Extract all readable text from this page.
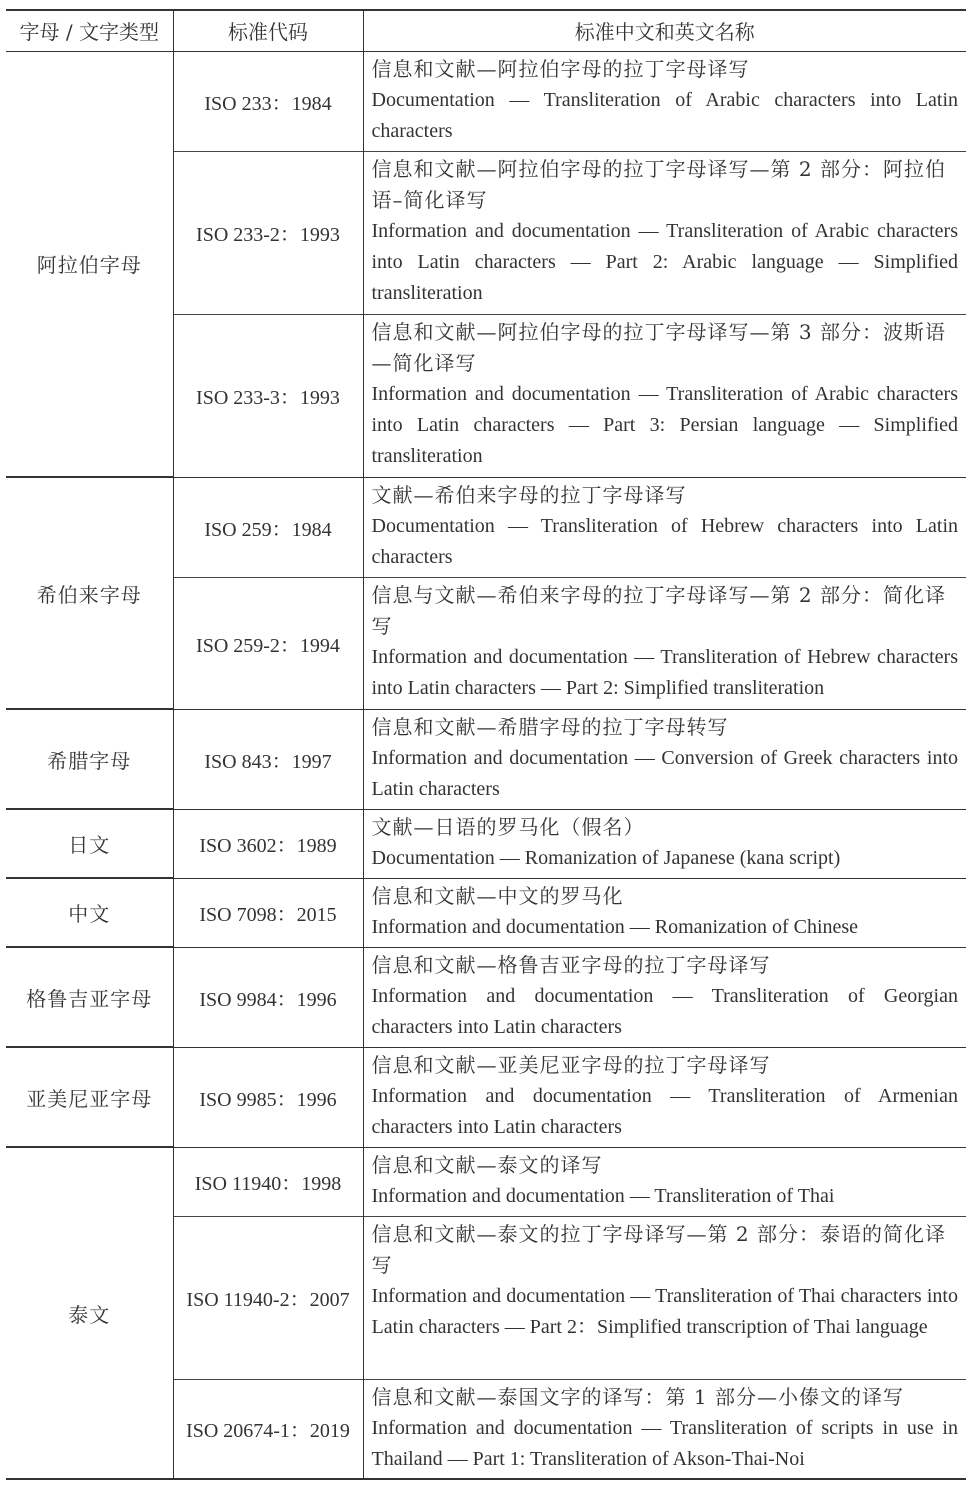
字母 / 文字类型	标准代码	标准中文和英文名称
阿拉伯字母	ISO 233：1984	信息和文献—阿拉伯字母的拉丁字母译写
Documentation — Transliteration of Arabic characters into Latin characters

	ISO 233-2：1993	信息和文献—阿拉伯字母的拉丁字母译写—第 2 部分：阿拉伯语–简化译写
Information and documentation — Transliteration of Arabic characters into Latin characters — Part 2: Arabic language — Simplified transliteration

	ISO 233-3：1993	信息和文献—阿拉伯字母的拉丁字母译写—第 3 部分：波斯语—简化译写
Information and documentation — Transliteration of Arabic characters into Latin characters — Part 3: Persian language — Simplified transliteration

希伯来字母	ISO 259：1984	文献—希伯来字母的拉丁字母译写
Documentation — Transliteration of Hebrew characters into Latin characters

	ISO 259-2：1994	信息与文献—希伯来字母的拉丁字母译写—第 2 部分：简化译写
Information and documentation — Transliteration of Hebrew characters into Latin characters — Part 2: Simplified transliteration

希腊字母	ISO 843：1997	信息和文献—希腊字母的拉丁字母转写
Information and documentation — Conversion of Greek characters into Latin characters

日文	ISO 3602：1989	文献—日语的罗马化（假名）
Documentation — Romanization of Japanese (kana script)

中文	ISO 7098：2015	信息和文献—中文的罗马化
Information and documentation — Romanization of Chinese

格鲁吉亚字母	ISO 9984：1996	信息和文献—格鲁吉亚字母的拉丁字母译写
Information and documentation — Transliteration of Georgian characters into Latin characters

亚美尼亚字母	ISO 9985：1996	信息和文献—亚美尼亚字母的拉丁字母译写
Information and documentation — Transliteration of Armenian characters into Latin characters

泰文	ISO 11940：1998	信息和文献—泰文的译写
Information and documentation — Transliteration of Thai

	ISO 11940-2：2007	信息和文献—泰文的拉丁字母译写—第 2 部分：泰语的简化译写
Information and documentation — Transliteration of Thai characters into Latin characters — Part 2：Simplified transcription of Thai language

	ISO 20674-1：2019	信息和文献—泰国文字的译写：第 1 部分—小傣文的译写
Information and documentation — Transliteration of scripts in use in Thailand — Part 1: Transliteration of Akson-Thai-Noi
